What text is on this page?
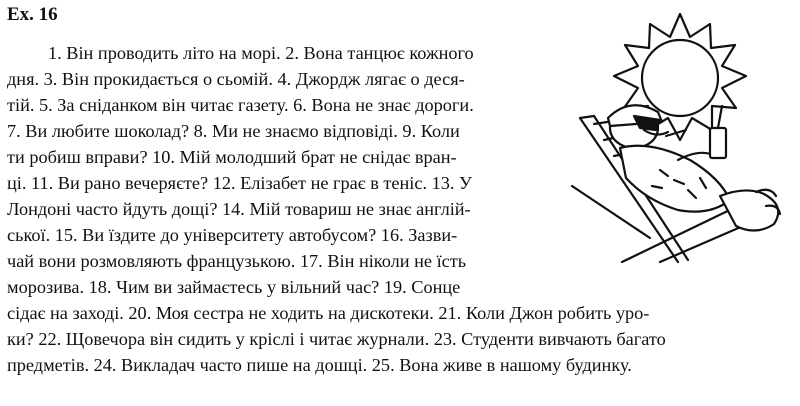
Ex. 16
1. Він проводить літо на морі. 2. Вона танцює кожного
дня. 3. Він прокидається о сьомій. 4. Джордж лягає о деся-
тій. 5. За сніданком він читає газету. 6. Вона не знає дороги.
7. Ви любите шоколад? 8. Ми не знаємо відповіді. 9. Коли
ти робиш вправи? 10. Мій молодший брат не снідає вран-
ці. 11. Ви рано вечеряєте? 12. Елізабет не грає в теніс. 13. У
Лондоні часто йдуть дощі? 14. Мій товариш не знає англій-
ської. 15. Ви їздите до університету автобусом? 16. Зазви-
чай вони розмовляють французькою. 17. Він ніколи не їсть
морозива. 18. Чим ви займаєтесь у вільний час? 19. Сонце
сідає на заході. 20. Моя сестра не ходить на дискотеки. 21. Коли Джон робить уро-
ки? 22. Щовечора він сидить у кріслі і читає журнали. 23. Студенти вивчають багато
предметів. 24. Викладач часто пише на дошці. 25. Вона живе в нашому будинку.
